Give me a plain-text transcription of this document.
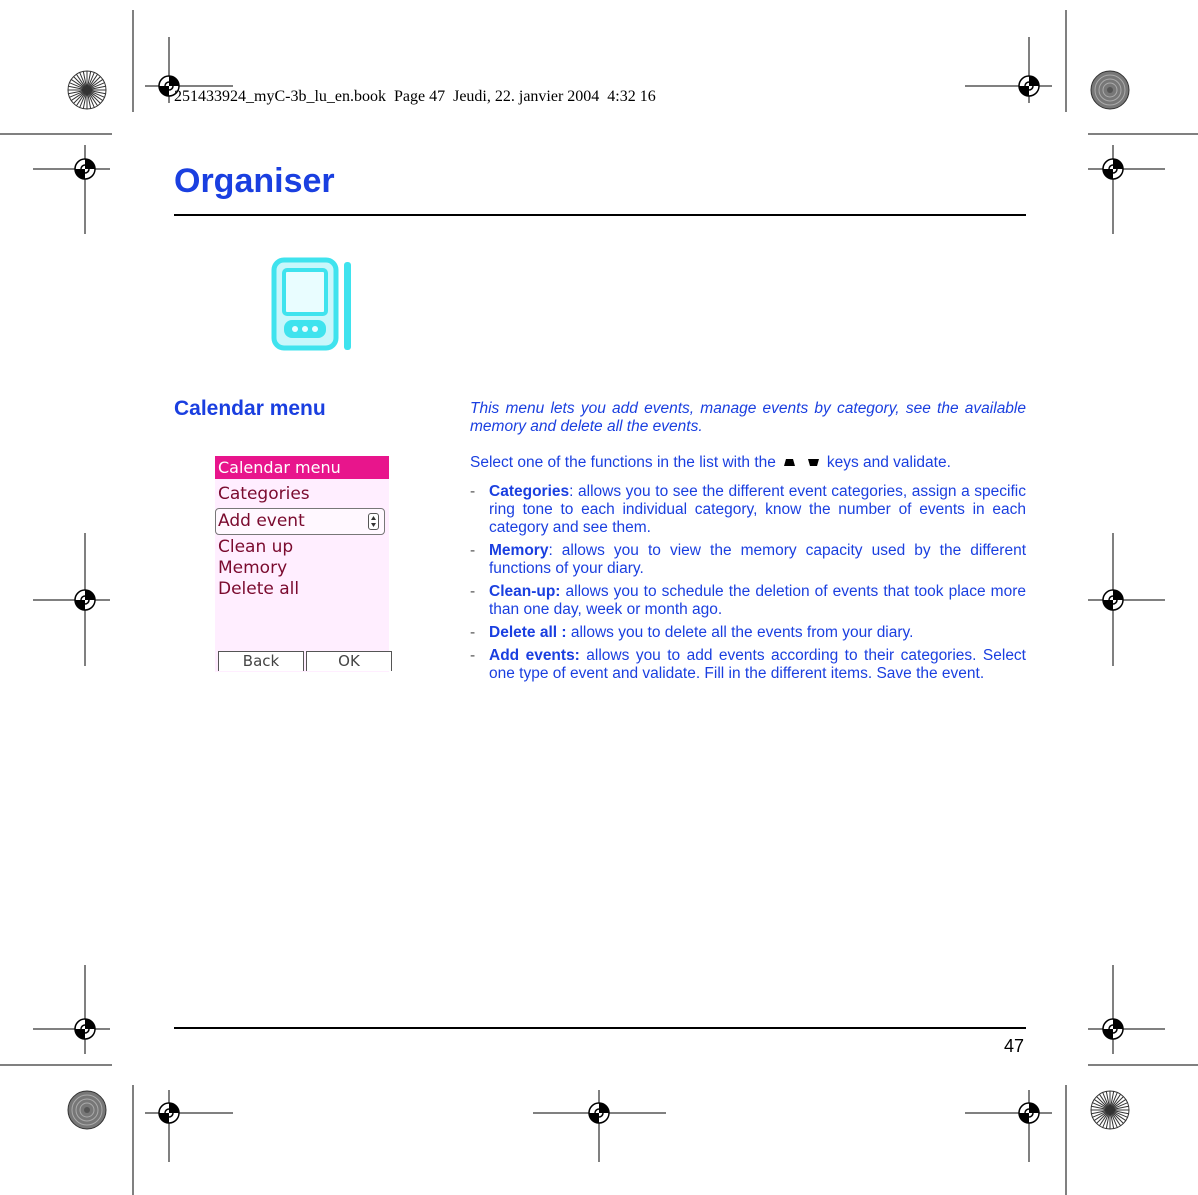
251433924_myC-3b_lu_en.book  Page 47  Jeudi, 22. janvier 2004  4:32 16
Organiser
Calendar menu
Calendar menu
Categories
Add event
Clean up
Memory
Delete all
Back	OK
This menu lets you add events, manage events by category, see the available memory and delete all the events.
Select one of the functions in the list with the	keys and validate.
- Categories: allows you to see the different event categories, assign a specific ring tone to each individual category, know the number of events in each category and see them.
- Memory: allows you to view the memory capacity used by the different functions of your diary.
- Clean-up: allows you to schedule the deletion of events that took place more than one day, week or month ago.
- Delete all : allows you to delete all the events from your diary.
- Add events: allows you to add events according to their categories. Select one type of event and validate. Fill in the different items. Save the event.
47
